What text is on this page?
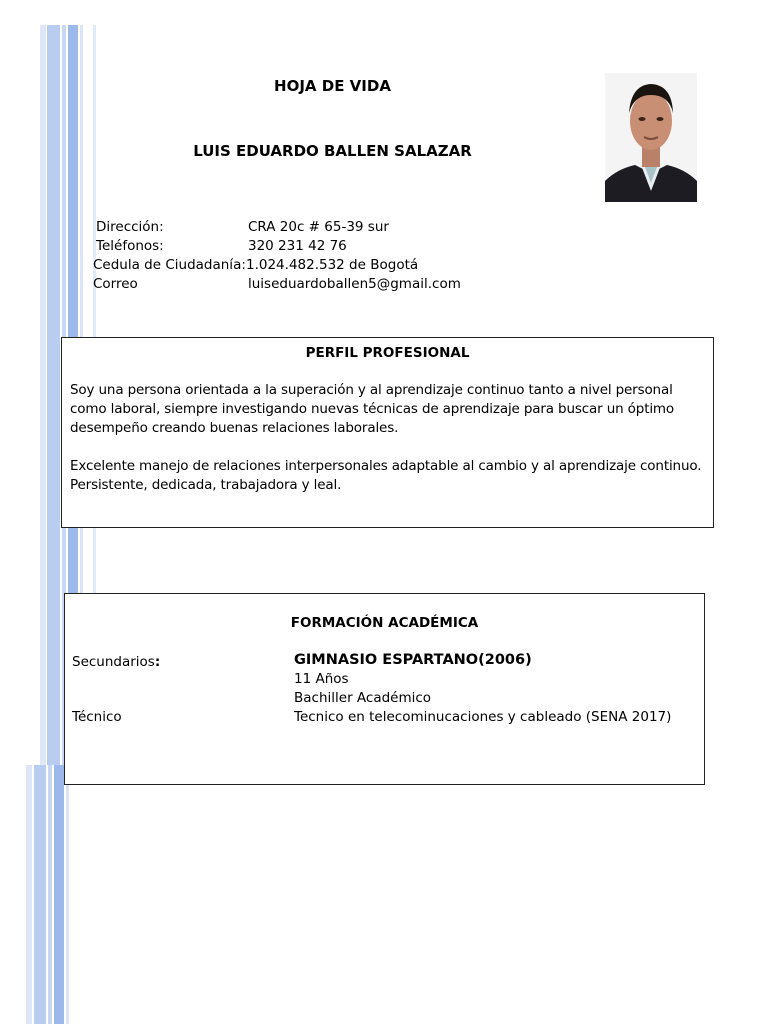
HOJA DE VIDA
LUIS EDUARDO BALLEN SALAZAR
Dirección:	CRA 20c # 65-39 sur
Teléfonos:	320 231 42 76
Cedula de Ciudadanía: 1.024.482.532 de Bogotá
Correo	luiseduardoballen5@gmail.com
PERFIL PROFESIONAL
Soy una persona orientada a la superación y al aprendizaje continuo tanto a nivel personal como laboral, siempre investigando nuevas técnicas de aprendizaje para buscar un óptimo desempeño creando buenas relaciones laborales.
Excelente manejo de relaciones interpersonales adaptable al cambio y al aprendizaje continuo. Persistente, dedicada, trabajadora y leal.
FORMACIÓN ACADÉMICA
Secundarios:	GIMNASIO ESPARTANO(2006)
11 Años
Bachiller Académico
Técnico	Tecnico en telecominucaciones y cableado (SENA 2017)
